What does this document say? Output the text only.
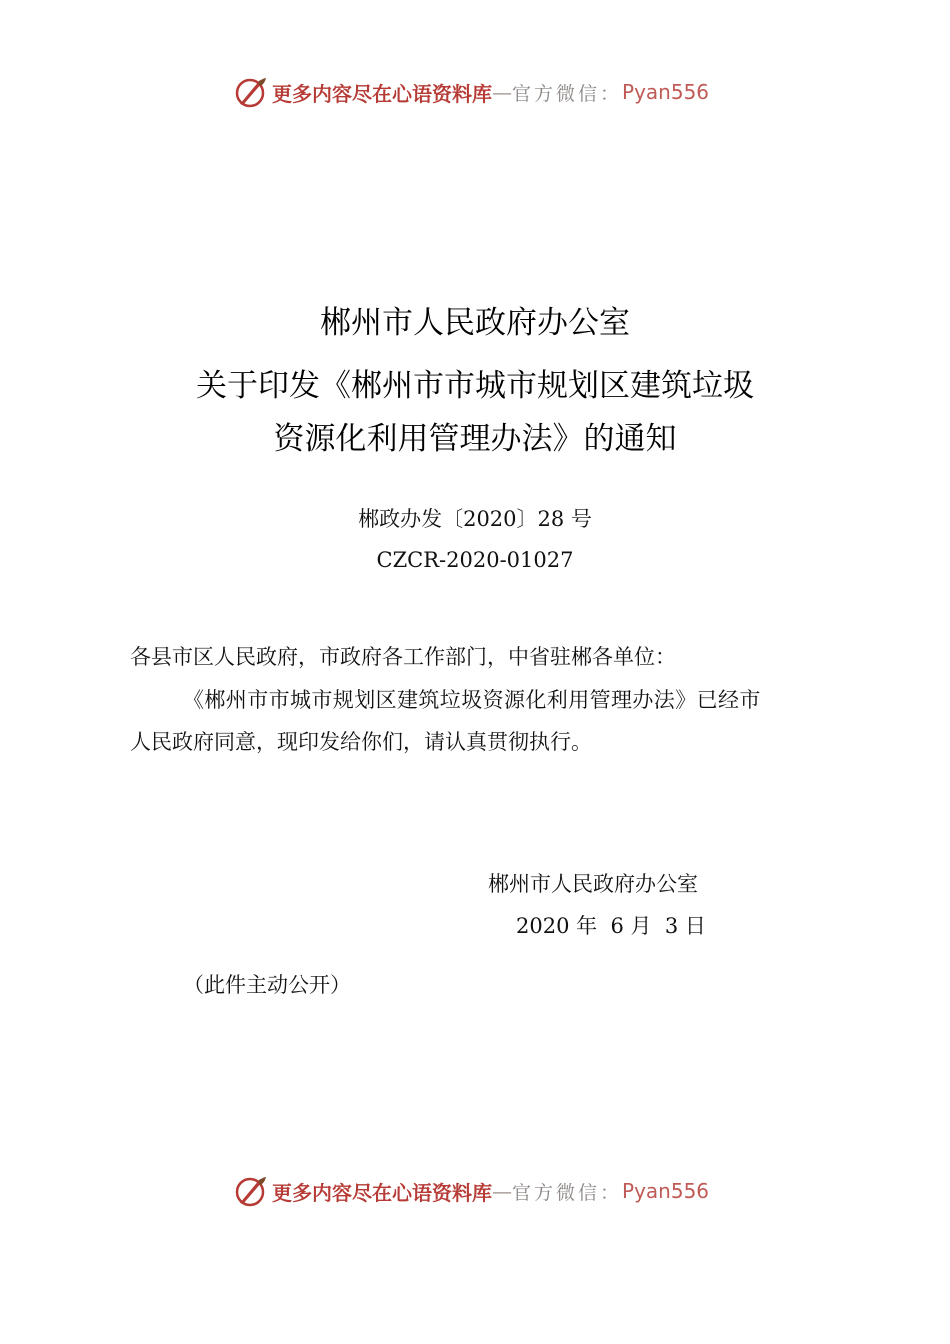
更多内容尽在心语资料库 — 官方微信： Pyan556
郴州市人民政府办公室
关于印发《郴州市市城市规划区建筑垃圾
资源化利用管理办法》的通知
郴政办发〔2020〕28 号
CZCR-2020-01027
各县市区人民政府，市政府各工作部门，中省驻郴各单位：
《郴州市市城市规划区建筑垃圾资源化利用管理办法》已经市
人民政府同意，现印发给你们，请认真贯彻执行。
郴州市人民政府办公室
2020 年  6 月  3 日
（此件主动公开）
更多内容尽在心语资料库 — 官方微信： Pyan556
